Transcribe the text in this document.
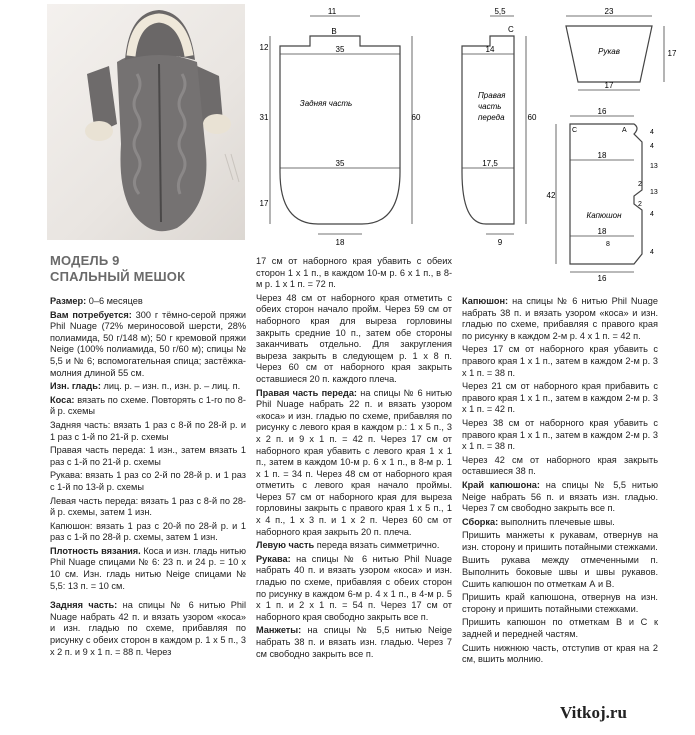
11
B
35
Задняя часть
35
18
12
31
17
60
5,5
C
14
Правая
часть
переда
17,5
9
60
23
Рукав
17
17
16
C	A
18
Капюшон
18
16
42
4
4
13
13
4
4
2
2
8
МОДЕЛЬ 9
СПАЛЬНЫЙ МЕШОК

Размер: 0–6 месяцев

Вам потребуется: 300 г тёмно-серой пряжи Phil Nuage (72% мериносовой шерсти, 28% полиамида, 50 г/148 м); 50 г кремовой пряжи Neige (100% полиамида, 50 г/60 м); спицы № 5,5 и № 6; вспомогательная спица; застёжка-молния длиной 55 см.

Изн. гладь: лиц. р. – изн. п., изн. р. – лиц. п.

Коса: вязать по схеме. Повторять с 1-го по 8-й р. схемы

Задняя часть: вязать 1 раз с 8-й по 28-й р. и 1 раз с 1-й по 21-й р. схемы

Правая часть переда: 1 изн., затем вязать 1 раз с 1-й по 21-й р. схемы

Рукава: вязать 1 раз со 2-й по 28-й р. и 1 раз с 1-й по 13-й р. схемы

Левая часть переда: вязать 1 раз с 8-й по 28-й р. схемы, затем 1 изн.

Капюшон: вязать 1 раз с 20-й по 28-й р. и 1 раз с 1-й по 28-й р. схемы, затем 1 изн.

Плотность вязания. Коса и изн. гладь нитью Phil Nuage спицами № 6: 23 п. и 24 р. = 10 х 10 см. Изн. гладь нитью Neige спицами № 5,5: 13 п. = 10 см.

Задняя часть: на спицы № 6 нитью Phil Nuage набрать 42 п. и вязать узором «коса» и изн. гладью по схеме, прибавляя по рисунку с обеих сторон в каждом р. 1 х 5 п., 3 х 2 п. и 9 х 1 п. = 88 п. Через

17 см от наборного края убавить с обеих сторон 1 х 1 п., в каждом 10-м р. 6 х 1 п., в 8-м р. 1 х 1 п. = 72 п.

Через 48 см от наборного края отметить с обеих сторон начало пройм. Через 59 см от наборного края для выреза горловины закрыть средние 10 п., затем обе стороны заканчивать отдельно. Для закругления выреза закрыть в следующем р. 1 х 8 п. Через 60 см от наборного края закрыть оставшиеся 20 п. каждого плеча.

Правая часть переда: на спицы № 6 нитью Phil Nuage набрать 22 п. и вязать узором «коса» и изн. гладью по схеме, прибавляя по рисунку с левого края в каждом р.: 1 х 5 п., 3 х 2 п. и 9 х 1 п. = 42 п. Через 17 см от наборного края убавить с левого края 1 х 1 п., затем в каждом 10-м р. 6 х 1 п., в 8-м р. 1 х 1 п. = 34 п. Через 48 см от наборного края отметить с левого края начало проймы. Через 57 см от наборного края для выреза горловины закрыть с правого края 1 х 5 п., 1 х 4 п., 1 х 3 п. и 1 х 2 п. Через 60 см от наборного края закрыть 20 п. плеча.

Левую часть переда вязать симметрично.

Рукава: на спицы № 6 нитью Phil Nuage набрать 40 п. и вязать узором «коса» и изн. гладью по схеме, прибавляя с обеих сторон по рисунку в каждом 6-м р. 4 х 1 п., в 4-м р. 5 х 1 п. и 2 х 1 п. = 54 п. Через 17 см от наборного края свободно закрыть все п.

Манжеты: на спицы № 5,5 нитью Neige набрать 38 п. и вязать изн. гладью. Через 7 см свободно закрыть все п.

Капюшон: на спицы № 6 нитью Phil Nuage набрать 38 п. и вязать узором «коса» и изн. гладью по схеме, прибавляя с правого края по рисунку в каждом 2-м р. 4 х 1 п. = 42 п.

Через 17 см от наборного края убавить с правого края 1 х 1 п., затем в каждом 2-м р. 3 х 1 п. = 38 п.

Через 21 см от наборного края прибавить с правого края 1 х 1 п., затем в каждом 2-м р. 3 х 1 п. = 42 п.

Через 38 см от наборного края убавить с правого края 1 х 1 п., затем в каждом 2-м р. 3 х 1 п. = 38 п.

Через 42 см от наборного края закрыть оставшиеся 38 п.

Край капюшона: на спицы № 5,5 нитью Neige набрать 56 п. и вязать изн. гладью. Через 7 см свободно закрыть все п.

Сборка: выполнить плечевые швы.

Пришить манжеты к рукавам, отвернув на изн. сторону и пришить потайными стежками.

Вшить рукава между отмеченными п. Выполнить боковые швы и швы рукавов. Сшить капюшон по отметкам А и В.

Пришить край капюшона, отвернув на изн. сторону и пришить потайными стежками.

Пришить капюшон по отметкам В и С к задней и передней частям.

Сшить нижнюю часть, отступив от края на 2 см, вшить молнию.

Vitkoj.ru
